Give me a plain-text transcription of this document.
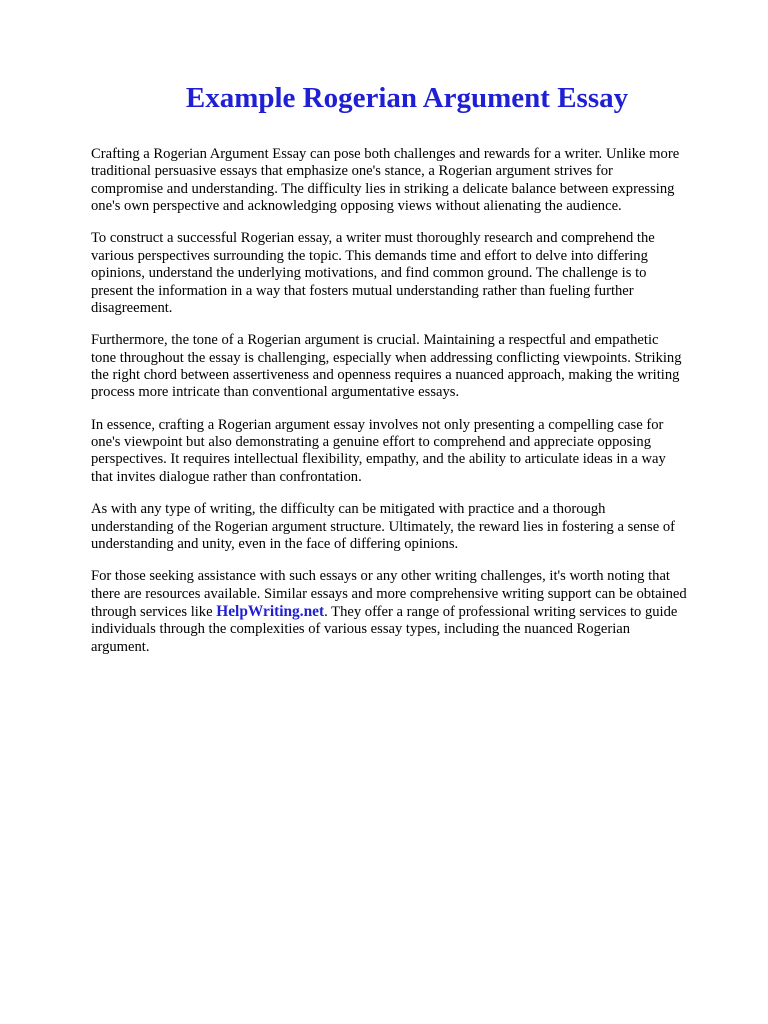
Example Rogerian Argument Essay

Crafting a Rogerian Argument Essay can pose both challenges and rewards for a writer. Unlike more
traditional persuasive essays that emphasize one's stance, a Rogerian argument strives for
compromise and understanding. The difficulty lies in striking a delicate balance between expressing
one's own perspective and acknowledging opposing views without alienating the audience.

To construct a successful Rogerian essay, a writer must thoroughly research and comprehend the
various perspectives surrounding the topic. This demands time and effort to delve into differing
opinions, understand the underlying motivations, and find common ground. The challenge is to
present the information in a way that fosters mutual understanding rather than fueling further
disagreement.

Furthermore, the tone of a Rogerian argument is crucial. Maintaining a respectful and empathetic
tone throughout the essay is challenging, especially when addressing conflicting viewpoints. Striking
the right chord between assertiveness and openness requires a nuanced approach, making the writing
process more intricate than conventional argumentative essays.

In essence, crafting a Rogerian argument essay involves not only presenting a compelling case for
one's viewpoint but also demonstrating a genuine effort to comprehend and appreciate opposing
perspectives. It requires intellectual flexibility, empathy, and the ability to articulate ideas in a way
that invites dialogue rather than confrontation.

As with any type of writing, the difficulty can be mitigated with practice and a thorough
understanding of the Rogerian argument structure. Ultimately, the reward lies in fostering a sense of
understanding and unity, even in the face of differing opinions.

For those seeking assistance with such essays or any other writing challenges, it's worth noting that
there are resources available. Similar essays and more comprehensive writing support can be obtained
through services like HelpWriting.net. They offer a range of professional writing services to guide
individuals through the complexities of various essay types, including the nuanced Rogerian
argument.
